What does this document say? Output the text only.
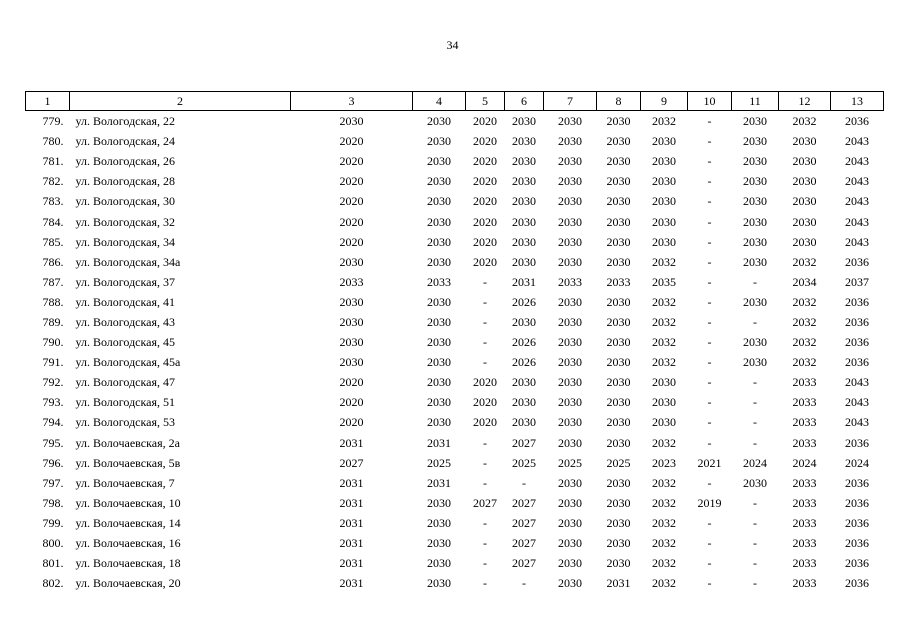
34
1	2	3	4	5	6	7	8	9	10	11	12	13
779.	ул. Вологодская, 22	2030	2030	2020	2030	2030	2030	2032	-	2030	2032	2036
780.	ул. Вологодская, 24	2020	2030	2020	2030	2030	2030	2030	-	2030	2030	2043
781.	ул. Вологодская, 26	2020	2030	2020	2030	2030	2030	2030	-	2030	2030	2043
782.	ул. Вологодская, 28	2020	2030	2020	2030	2030	2030	2030	-	2030	2030	2043
783.	ул. Вологодская, 30	2020	2030	2020	2030	2030	2030	2030	-	2030	2030	2043
784.	ул. Вологодская, 32	2020	2030	2020	2030	2030	2030	2030	-	2030	2030	2043
785.	ул. Вологодская, 34	2020	2030	2020	2030	2030	2030	2030	-	2030	2030	2043
786.	ул. Вологодская, 34а	2030	2030	2020	2030	2030	2030	2032	-	2030	2032	2036
787.	ул. Вологодская, 37	2033	2033	-	2031	2033	2033	2035	-	-	2034	2037
788.	ул. Вологодская, 41	2030	2030	-	2026	2030	2030	2032	-	2030	2032	2036
789.	ул. Вологодская, 43	2030	2030	-	2030	2030	2030	2032	-	-	2032	2036
790.	ул. Вологодская, 45	2030	2030	-	2026	2030	2030	2032	-	2030	2032	2036
791.	ул. Вологодская, 45а	2030	2030	-	2026	2030	2030	2032	-	2030	2032	2036
792.	ул. Вологодская, 47	2020	2030	2020	2030	2030	2030	2030	-	-	2033	2043
793.	ул. Вологодская, 51	2020	2030	2020	2030	2030	2030	2030	-	-	2033	2043
794.	ул. Вологодская, 53	2020	2030	2020	2030	2030	2030	2030	-	-	2033	2043
795.	ул. Волочаевская, 2а	2031	2031	-	2027	2030	2030	2032	-	-	2033	2036
796.	ул. Волочаевская, 5в	2027	2025	-	2025	2025	2025	2023	2021	2024	2024	2024
797.	ул. Волочаевская, 7	2031	2031	-	-	2030	2030	2032	-	2030	2033	2036
798.	ул. Волочаевская, 10	2031	2030	2027	2027	2030	2030	2032	2019	-	2033	2036
799.	ул. Волочаевская, 14	2031	2030	-	2027	2030	2030	2032	-	-	2033	2036
800.	ул. Волочаевская, 16	2031	2030	-	2027	2030	2030	2032	-	-	2033	2036
801.	ул. Волочаевская, 18	2031	2030	-	2027	2030	2030	2032	-	-	2033	2036
802.	ул. Волочаевская, 20	2031	2030	-	-	2030	2031	2032	-	-	2033	2036
